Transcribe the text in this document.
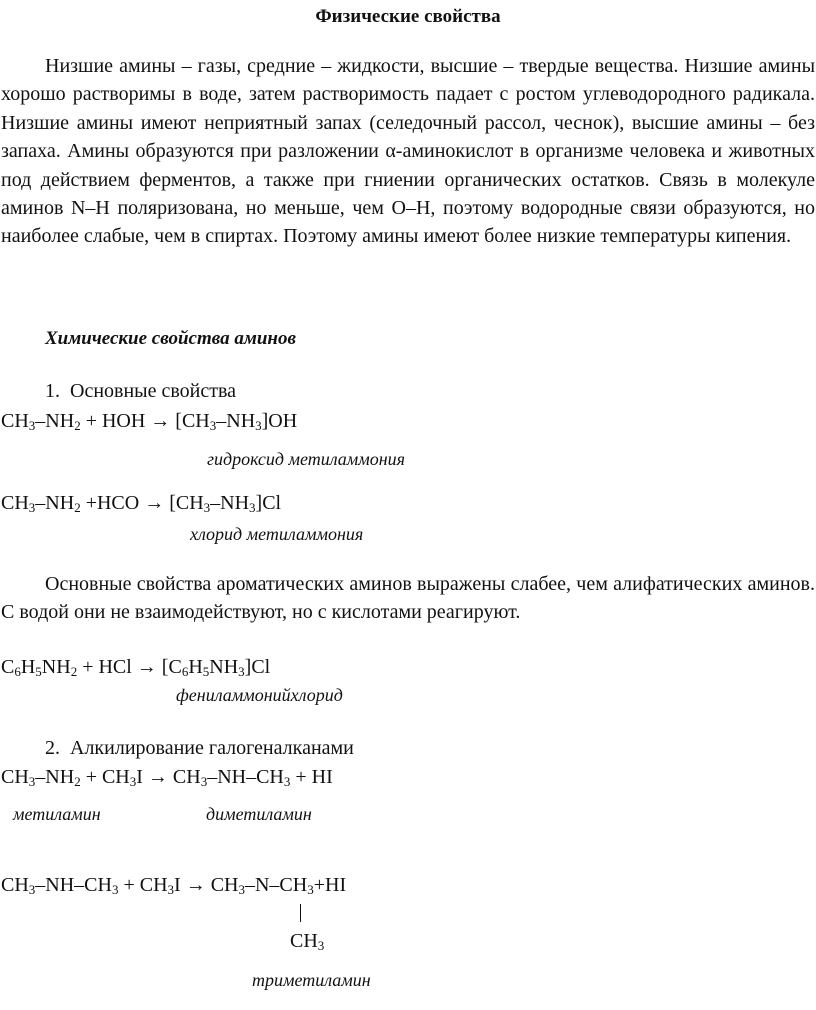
Физические свойства
Низшие амины – газы, средние – жидкости, высшие – твердые вещества. Низшие амины хорошо растворимы в воде, затем растворимость падает с ростом углеводородного радикала. Низшие амины имеют неприятный запах (селедочный рассол, чеснок), высшие амины – без запаха. Амины образуются при разложении α-аминокислот в организме человека и животных под действием ферментов, а также при гниении органических остатков. Связь в молекуле аминов N–H поляризована, но меньше, чем O–H, поэтому водородные связи образуются, но наиболее слабые, чем в спиртах. Поэтому амины имеют более низкие температуры кипения.
Химические свойства аминов
1. Основные свойства
$CH_3-NH_2$ + HOH → $[CH_3-NH_3]OH$
гидроксид метиламмония
$CH_3-NH_2 +HCO \to [CH_3-NH_3]Cl$
хлорид метиламмония
Основные свойства ароматических аминов выражены слабее, чем алифатических аминов. С водой они не взаимодействуют, но с кислотами реагируют.
$C_6H_5NH_2$ + HCl → $[C_6H_5NH_3]Cl$
фениламмонийхлорид
2. Алкилирование галогеналканами
$CH_3-NH_2 + CH_3I \to CH_3-NH-CH_3$ + HI
метиламин	диметиламин
$CH_3-NH-CH_3 + CH_3I \to CH_3-N-CH_3+HI$
$CH_3$
триметиламин
